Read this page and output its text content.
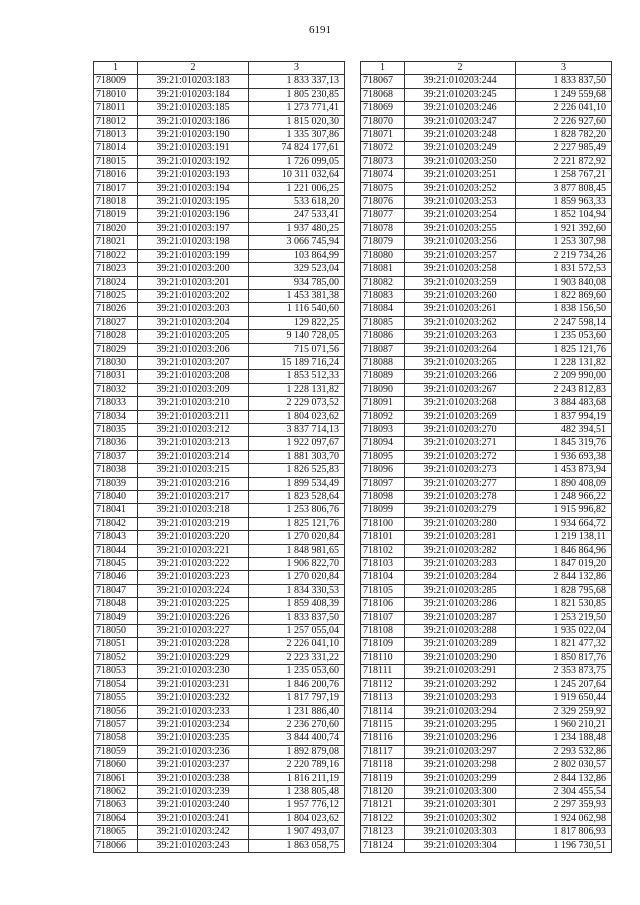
6191
1	2	3
718009	39:21:010203:183	1 833 337,13
718010	39:21:010203:184	1 805 230,85
718011	39:21:010203:185	1 273 771,41
718012	39:21:010203:186	1 815 020,30
718013	39:21:010203:190	1 335 307,86
718014	39:21:010203:191	74 824 177,61
718015	39:21:010203:192	1 726 099,05
718016	39:21:010203:193	10 311 032,64
718017	39:21:010203:194	1 221 006,25
718018	39:21:010203:195	533 618,20
718019	39:21:010203:196	247 533,41
718020	39:21:010203:197	1 937 480,25
718021	39:21:010203:198	3 066 745,94
718022	39:21:010203:199	103 864,99
718023	39:21:010203:200	329 523,04
718024	39:21:010203:201	934 785,00
718025	39:21:010203:202	1 453 381,38
718026	39:21:010203:203	1 116 540,60
718027	39:21:010203:204	129 822,25
718028	39:21:010203:205	9 140 728,05
718029	39:21:010203:206	715 071,56
718030	39:21:010203:207	15 189 716,24
718031	39:21:010203:208	1 853 512,33
718032	39:21:010203:209	1 228 131,82
718033	39:21:010203:210	2 229 073,52
718034	39:21:010203:211	1 804 023,62
718035	39:21:010203:212	3 837 714,13
718036	39:21:010203:213	1 922 097,67
718037	39:21:010203:214	1 881 303,70
718038	39:21:010203:215	1 826 525,83
718039	39:21:010203:216	1 899 534,49
718040	39:21:010203:217	1 823 528,64
718041	39:21:010203:218	1 253 806,76
718042	39:21:010203:219	1 825 121,76
718043	39:21:010203:220	1 270 020,84
718044	39:21:010203:221	1 848 981,65
718045	39:21:010203:222	1 906 822,70
718046	39:21:010203:223	1 270 020,84
718047	39:21:010203:224	1 834 330,53
718048	39:21:010203:225	1 859 408,39
718049	39:21:010203:226	1 833 837,50
718050	39:21:010203:227	1 257 055,04
718051	39:21:010203:228	2 226 041,10
718052	39:21:010203:229	2 223 331,22
718053	39:21:010203:230	1 235 053,60
718054	39:21:010203:231	1 846 200,76
718055	39:21:010203:232	1 817 797,19
718056	39:21:010203:233	1 231 886,40
718057	39:21:010203:234	2 236 270,60
718058	39:21:010203:235	3 844 400,74
718059	39:21:010203:236	1 892 879,08
718060	39:21:010203:237	2 220 789,16
718061	39:21:010203:238	1 816 211,19
718062	39:21:010203:239	1 238 805,48
718063	39:21:010203:240	1 957 776,12
718064	39:21:010203:241	1 804 023,62
718065	39:21:010203:242	1 907 493,07
718066	39:21:010203:243	1 863 058,75
1	2	3
718067	39:21:010203:244	1 833 837,50
718068	39:21:010203:245	1 249 559,68
718069	39:21:010203:246	2 226 041,10
718070	39:21:010203:247	2 226 927,60
718071	39:21:010203:248	1 828 782,20
718072	39:21:010203:249	2 227 985,49
718073	39:21:010203:250	2 221 872,92
718074	39:21:010203:251	1 258 767,21
718075	39:21:010203:252	3 877 808,45
718076	39:21:010203:253	1 859 963,33
718077	39:21:010203:254	1 852 104,94
718078	39:21:010203:255	1 921 392,60
718079	39:21:010203:256	1 253 307,98
718080	39:21:010203:257	2 219 734,26
718081	39:21:010203:258	1 831 572,53
718082	39:21:010203:259	1 903 840,08
718083	39:21:010203:260	1 822 869,60
718084	39:21:010203:261	1 838 156,50
718085	39:21:010203:262	2 247 598,14
718086	39:21:010203:263	1 235 053,60
718087	39:21:010203:264	1 825 121,76
718088	39:21:010203:265	1 228 131,82
718089	39:21:010203:266	2 209 990,00
718090	39:21:010203:267	2 243 812,83
718091	39:21:010203:268	3 884 483,68
718092	39:21:010203:269	1 837 994,19
718093	39:21:010203:270	482 394,51
718094	39:21:010203:271	1 845 319,76
718095	39:21:010203:272	1 936 693,38
718096	39:21:010203:273	1 453 873,94
718097	39:21:010203:277	1 890 408,09
718098	39:21:010203:278	1 248 966,22
718099	39:21:010203:279	1 915 996,82
718100	39:21:010203:280	1 934 664,72
718101	39:21:010203:281	1 219 138,11
718102	39:21:010203:282	1 846 864,96
718103	39:21:010203:283	1 847 019,20
718104	39:21:010203:284	2 844 132,86
718105	39:21:010203:285	1 828 795,68
718106	39:21:010203:286	1 821 530,85
718107	39:21:010203:287	1 253 219,50
718108	39:21:010203:288	1 935 022,04
718109	39:21:010203:289	1 821 477,32
718110	39:21:010203:290	1 850 817,76
718111	39:21:010203:291	2 353 873,75
718112	39:21:010203:292	1 245 207,64
718113	39:21:010203:293	1 919 650,44
718114	39:21:010203:294	2 329 259,92
718115	39:21:010203:295	1 960 210,21
718116	39:21:010203:296	1 234 188,48
718117	39:21:010203:297	2 293 532,86
718118	39:21:010203:298	2 802 030,57
718119	39:21:010203:299	2 844 132,86
718120	39:21:010203:300	2 304 455,54
718121	39:21:010203:301	2 297 359,93
718122	39:21:010203:302	1 924 062,98
718123	39:21:010203:303	1 817 806,93
718124	39:21:010203:304	1 196 730,51
